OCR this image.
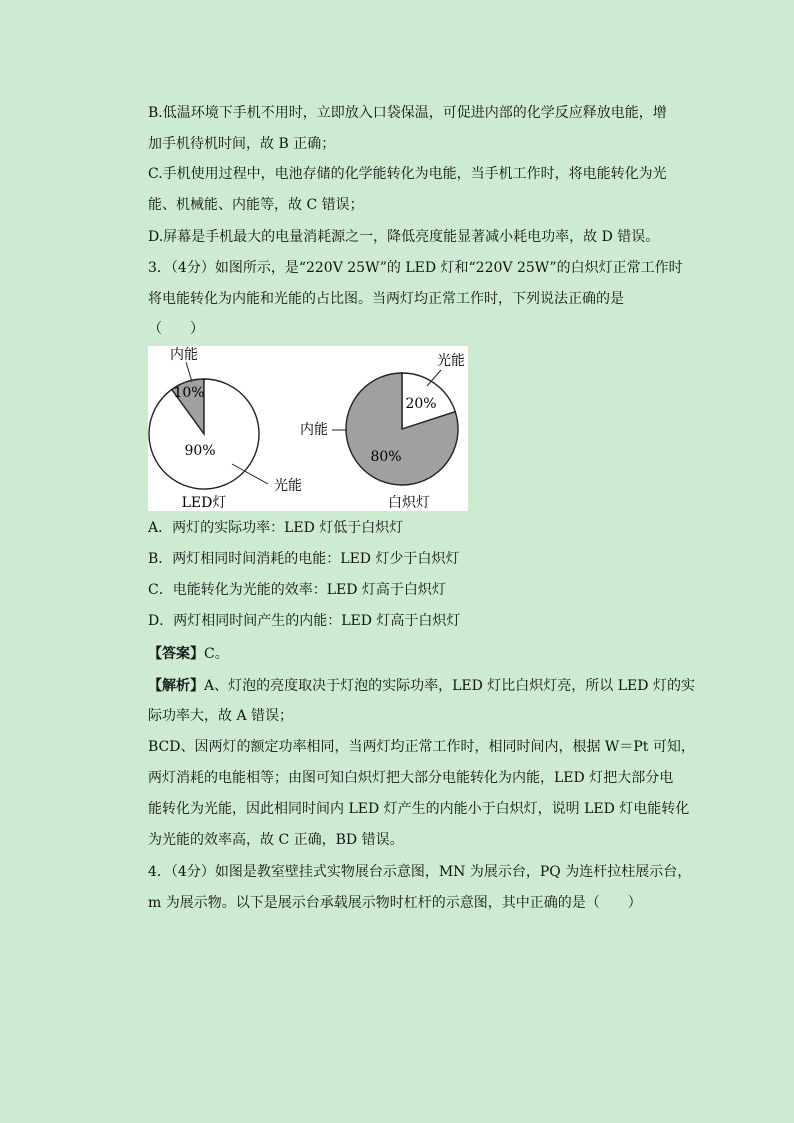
B.低温环境下手机不用时，立即放入口袋保温，可促进内部的化学反应释放电能，增
加手机待机时间，故 B 正确；
C.手机使用过程中，电池存储的化学能转化为电能，当手机工作时，将电能转化为光
能、机械能、内能等，故 C 错误；
D.屏幕是手机最大的电量消耗源之一，降低亮度能显著减小耗电功率，故 D 错误。
3．（4分）如图所示，是“220V 25W”的 LED 灯和“220V 25W”的白炽灯正常工作时
将电能转化为内能和光能的占比图。当两灯均正常工作时，下列说法正确的是
（　　）
10%
90%
内能
光能
LED灯
20%
80%
光能
内能
白炽灯
A．两灯的实际功率：LED 灯低于白炽灯
B．两灯相同时间消耗的电能：LED 灯少于白炽灯
C．电能转化为光能的效率：LED 灯高于白炽灯
D．两灯相同时间产生的内能：LED 灯高于白炽灯
【答案】C。
【解析】A、灯泡的亮度取决于灯泡的实际功率，LED 灯比白炽灯亮，所以 LED 灯的实
际功率大，故 A 错误；
BCD、因两灯的额定功率相同，当两灯均正常工作时，相同时间内，根据 W＝Pt 可知，
两灯消耗的电能相等；由图可知白炽灯把大部分电能转化为内能，LED 灯把大部分电
能转化为光能，因此相同时间内 LED 灯产生的内能小于白炽灯，说明 LED 灯电能转化
为光能的效率高，故 C 正确，BD 错误。
4．（4分）如图是教室壁挂式实物展台示意图，MN 为展示台，PQ 为连杆拉柱展示台，
m 为展示物。以下是展示台承载展示物时杠杆的示意图，其中正确的是（　　）
